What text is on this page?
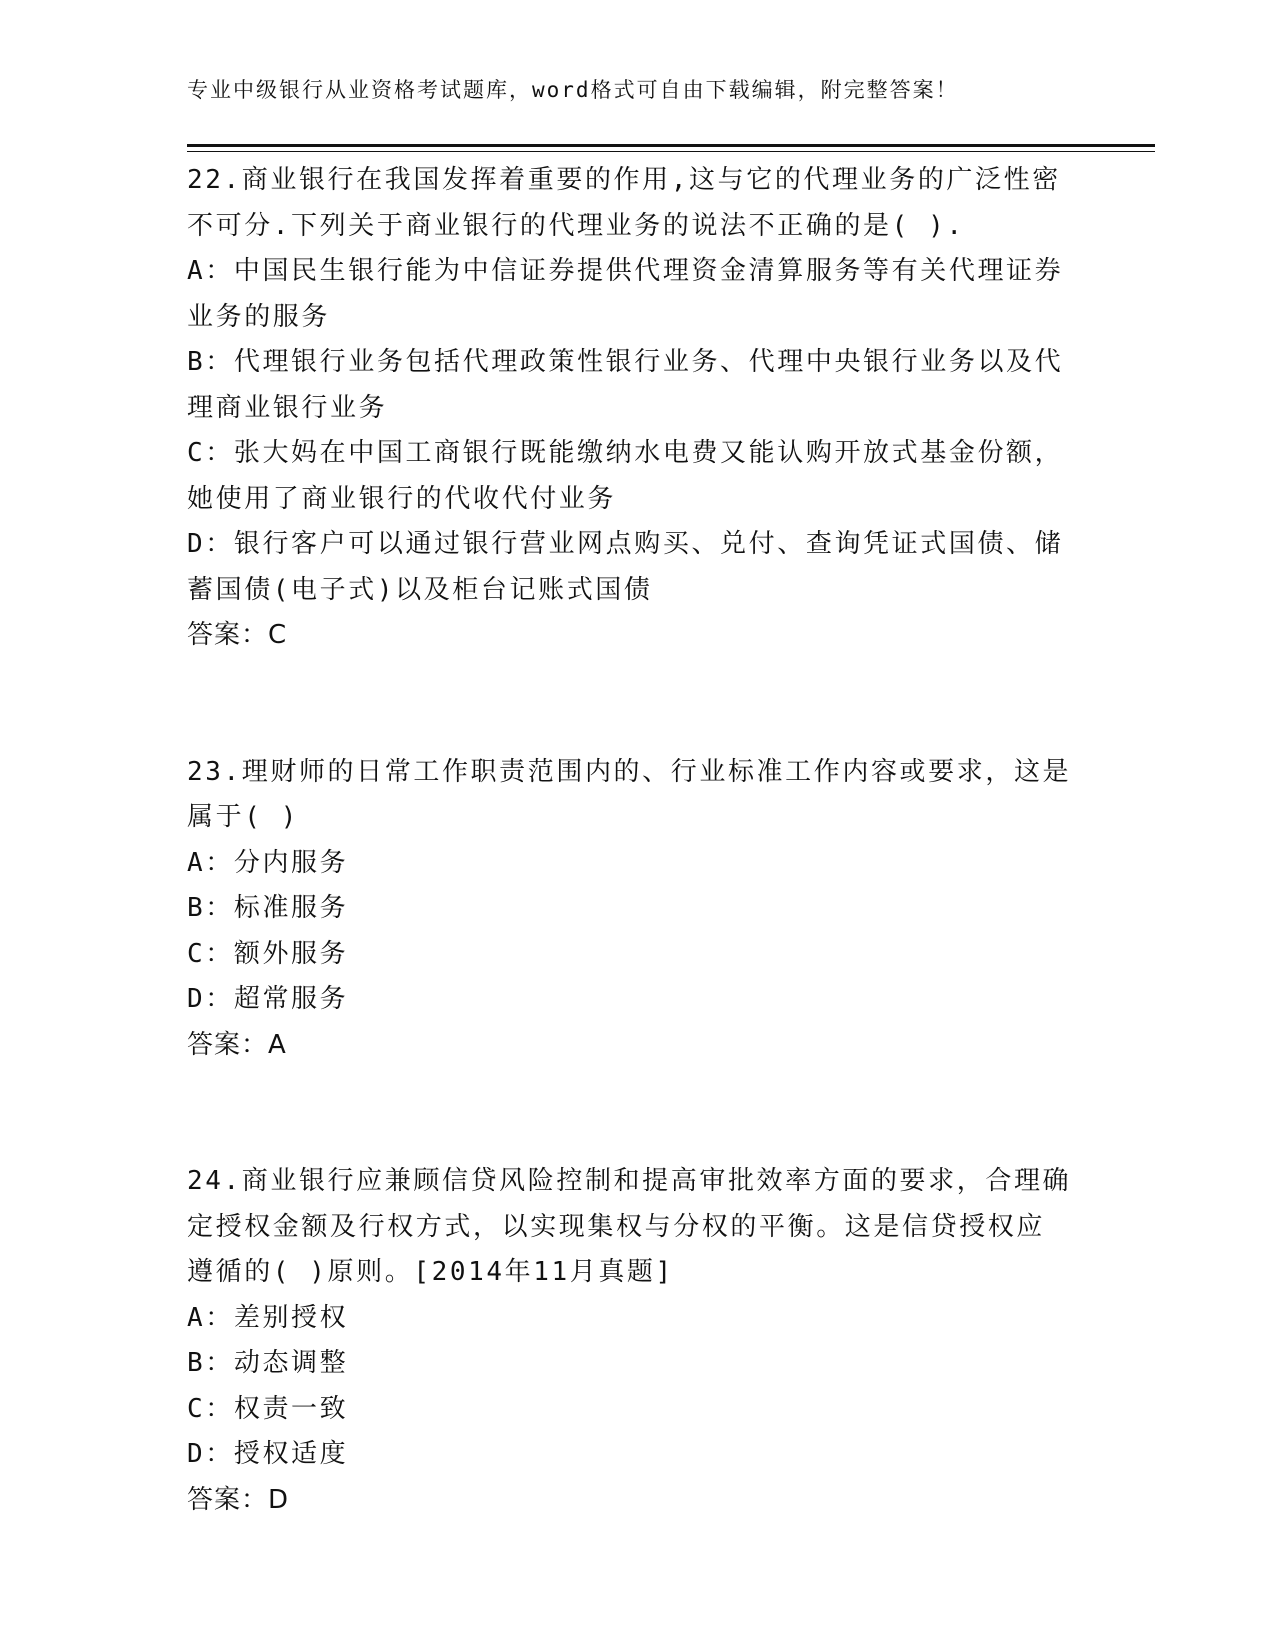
专业中级银行从业资格考试题库，word格式可自由下载编辑，附完整答案！
22.商业银行在我国发挥着重要的作用,这与它的代理业务的广泛性密
不可分.下列关于商业银行的代理业务的说法不正确的是( ).
A：中国民生银行能为中信证券提供代理资金清算服务等有关代理证券
业务的服务
B：代理银行业务包括代理政策性银行业务、代理中央银行业务以及代
理商业银行业务
C：张大妈在中国工商银行既能缴纳水电费又能认购开放式基金份额，
她使用了商业银行的代收代付业务
D：银行客户可以通过银行营业网点购买、兑付、查询凭证式国债、储
蓄国债(电子式)以及柜台记账式国债
答案：C
23.理财师的日常工作职责范围内的、行业标准工作内容或要求，这是
属于( )
A：分内服务
B：标准服务
C：额外服务
D：超常服务
答案：A
24.商业银行应兼顾信贷风险控制和提高审批效率方面的要求，合理确
定授权金额及行权方式，以实现集权与分权的平衡。这是信贷授权应
遵循的( )原则。[2014年11月真题]
A：差别授权
B：动态调整
C：权责一致
D：授权适度
答案：D
